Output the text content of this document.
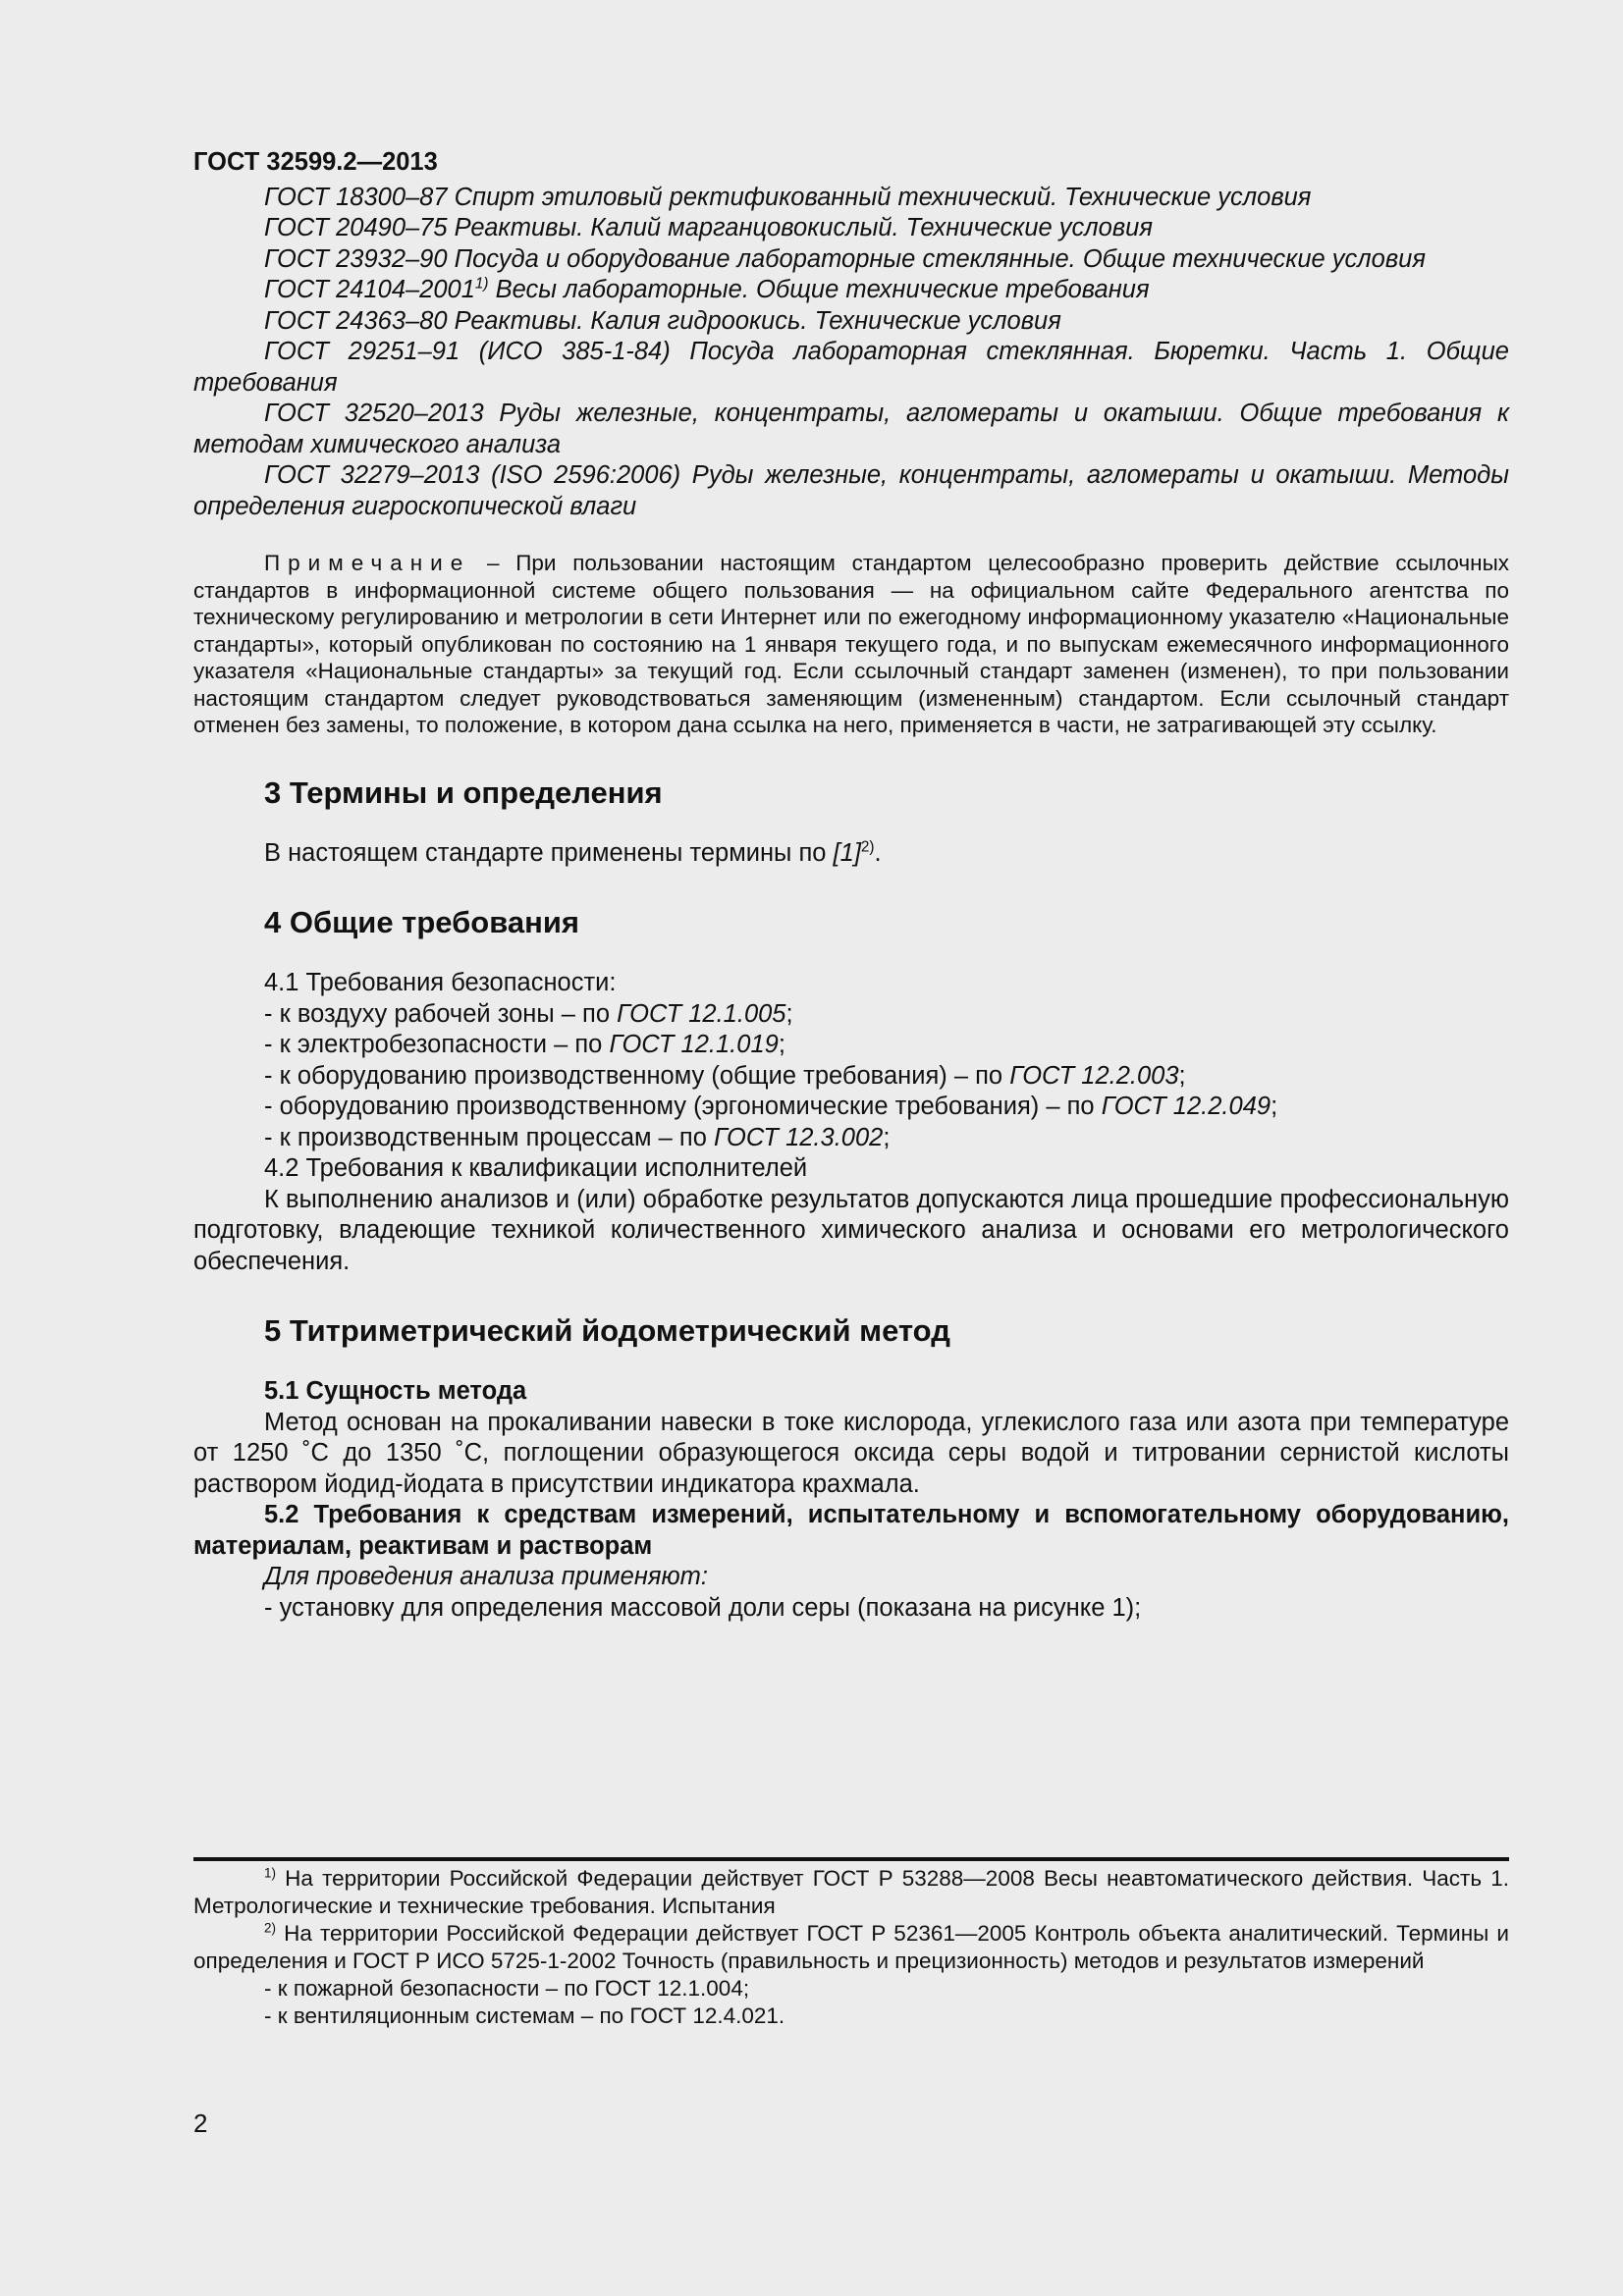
ГОСТ 32599.2—2013

ГОСТ 18300–87 Спирт этиловый ректификованный технический. Технические условия

ГОСТ 20490–75 Реактивы. Калий марганцовокислый. Технические условия

ГОСТ 23932–90 Посуда и оборудование лабораторные стеклянные. Общие технические условия

ГОСТ 24104–2001$^{1)}$ Весы лабораторные. Общие технические требования

ГОСТ 24363–80 Реактивы. Калия гидроокись. Технические условия

ГОСТ 29251–91 (ИСО 385-1-84) Посуда лабораторная стеклянная. Бюретки. Часть 1. Общие требования

ГОСТ 32520–2013 Руды железные, концентраты, агломераты и окатыши. Общие требования к методам химического анализа

ГОСТ 32279–2013 (ISO 2596:2006) Руды железные, концентраты, агломераты и окатыши. Методы определения гигроскопической влаги

Примечание – При пользовании настоящим стандартом целесообразно проверить действие ссылочных стандартов в информационной системе общего пользования — на официальном сайте Федерального агентства по техническому регулированию и метрологии в сети Интернет или по ежегодному информационному указателю «Национальные стандарты», который опубликован по состоянию на 1 января текущего года, и по выпускам ежемесячного информационного указателя «Национальные стандарты» за текущий год. Если ссылочный стандарт заменен (изменен), то при пользовании настоящим стандартом следует руководствоваться заменяющим (измененным) стандартом. Если ссылочный стандарт отменен без замены, то положение, в котором дана ссылка на него, применяется в части, не затрагивающей эту ссылку.

3 Термины и определения

В настоящем стандарте применены термины по $[1]^{2)}$.

4 Общие требования

4.1 Требования безопасности:

- к воздуху рабочей зоны – по ГОСТ 12.1.005;

- к электробезопасности – по ГОСТ 12.1.019;

- к оборудованию производственному (общие требования) – по ГОСТ 12.2.003;

- оборудованию производственному (эргономические требования) – по ГОСТ 12.2.049;

- к производственным процессам – по ГОСТ 12.3.002;

4.2 Требования к квалификации исполнителей

К выполнению анализов и (или) обработке результатов допускаются лица прошедшие профессиональную подготовку, владеющие техникой количественного химического анализа и основами его метрологического обеспечения.

5 Титриметрический йодометрический метод

5.1 Сущность метода

Метод основан на прокаливании навески в токе кислорода, углекислого газа или азота при температуре от 1250 ˚С до 1350 ˚С, поглощении образующегося оксида серы водой и титровании сернистой кислоты раствором йодид-йодата в присутствии индикатора крахмала.

5.2 Требования к средствам измерений, испытательному и вспомогательному оборудованию, материалам, реактивам и растворам

Для проведения анализа применяют:

- установку для определения массовой доли серы (показана на рисунке 1);

$^{1)}$ На территории Российской Федерации действует ГОСТ Р 53288—2008 Весы неавтоматического действия. Часть 1. Метрологические и технические требования. Испытания

$^{2)}$ На территории Российской Федерации действует ГОСТ Р 52361—2005 Контроль объекта аналитический. Термины и определения и ГОСТ Р ИСО 5725-1-2002 Точность (правильность и прецизионность) методов и результатов измерений

- к пожарной безопасности – по ГОСТ 12.1.004;

- к вентиляционным системам – по ГОСТ 12.4.021.

2
